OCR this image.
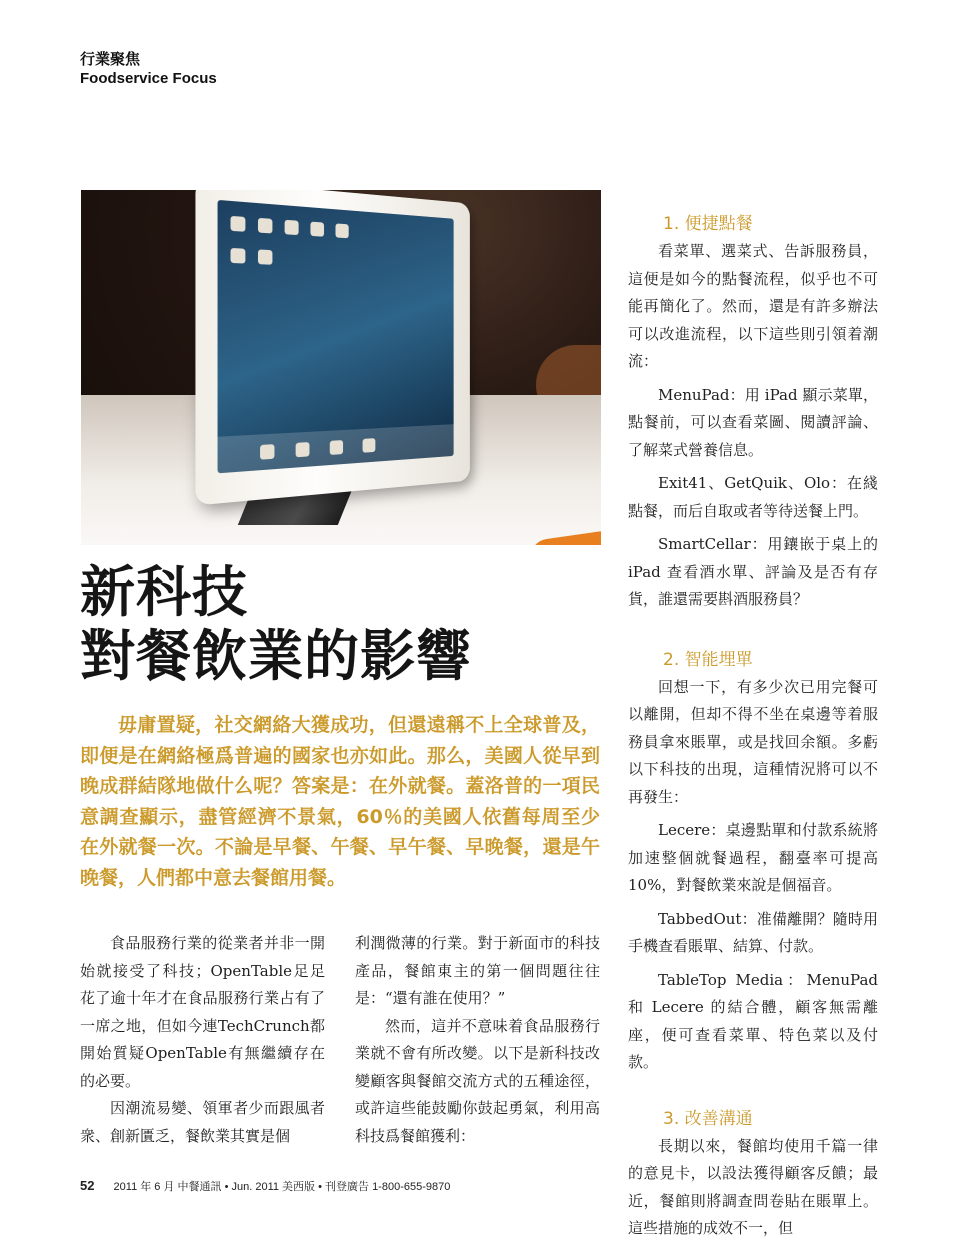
行業聚焦
Foodservice Focus
新科技
對餐飲業的影響

毋庸置疑，社交網絡大獲成功，但還遠稱不上全球普及，即便是在網絡極爲普遍的國家也亦如此。那么，美國人從早到晚成群結隊地做什么呢？答案是：在外就餐。蓋洛普的一項民意調查顯示，盡管經濟不景氣，60％的美國人依舊每周至少在外就餐一次。不論是早餐、午餐、早午餐、早晚餐，還是午晚餐，人們都中意去餐館用餐。

食品服務行業的從業者并非一開始就接受了科技；OpenTable足足花了逾十年才在食品服務行業占有了一席之地，但如今連TechCrunch都開始質疑OpenTable有無繼續存在的必要。

因潮流易變、領軍者少而跟風者衆、創新匱乏，餐飲業其實是個

利潤微薄的行業。對于新面市的科技產品，餐館東主的第一個問題往往是：“還有誰在使用？”

然而，這并不意味着食品服務行業就不會有所改變。以下是新科技改變顧客與餐館交流方式的五種途徑，或許這些能鼓勵你鼓起勇氣，利用高科技爲餐館獲利：

1. 便捷點餐

看菜單、選菜式、告訴服務員，這便是如今的點餐流程，似乎也不可能再簡化了。然而，還是有許多辦法可以改進流程，以下這些則引領着潮流：

MenuPad：用 iPad 顯示菜單，點餐前，可以查看菜圖、閱讀評論、了解菜式營養信息。

Exit41、GetQuik、Olo：在綫點餐，而后自取或者等待送餐上門。

SmartCellar：用鑲嵌于桌上的 iPad 查看酒水單、評論及是否有存貨，誰還需要斟酒服務員？

2. 智能埋單

回想一下，有多少次已用完餐可以離開，但却不得不坐在桌邊等着服務員拿來賬單，或是找回余額。多虧以下科技的出現，這種情況將可以不再發生：

Lecere：桌邊點單和付款系統將加速整個就餐過程，翻臺率可提高 10%，對餐飲業來說是個福音。

TabbedOut：准備離開？隨時用手機查看賬單、結算、付款。

TableTop Media：MenuPad 和 Lecere 的結合體，顧客無需離座，便可查看菜單、特色菜以及付款。

3. 改善溝通

長期以來，餐館均使用千篇一律的意見卡，以設法獲得顧客反饋；最近，餐館則將調查問卷貼在賬單上。這些措施的成效不一，但

52 2011 年 6 月 中餐通訊 • Jun. 2011 美西版 • 刊登廣告 1-800-655-9870
